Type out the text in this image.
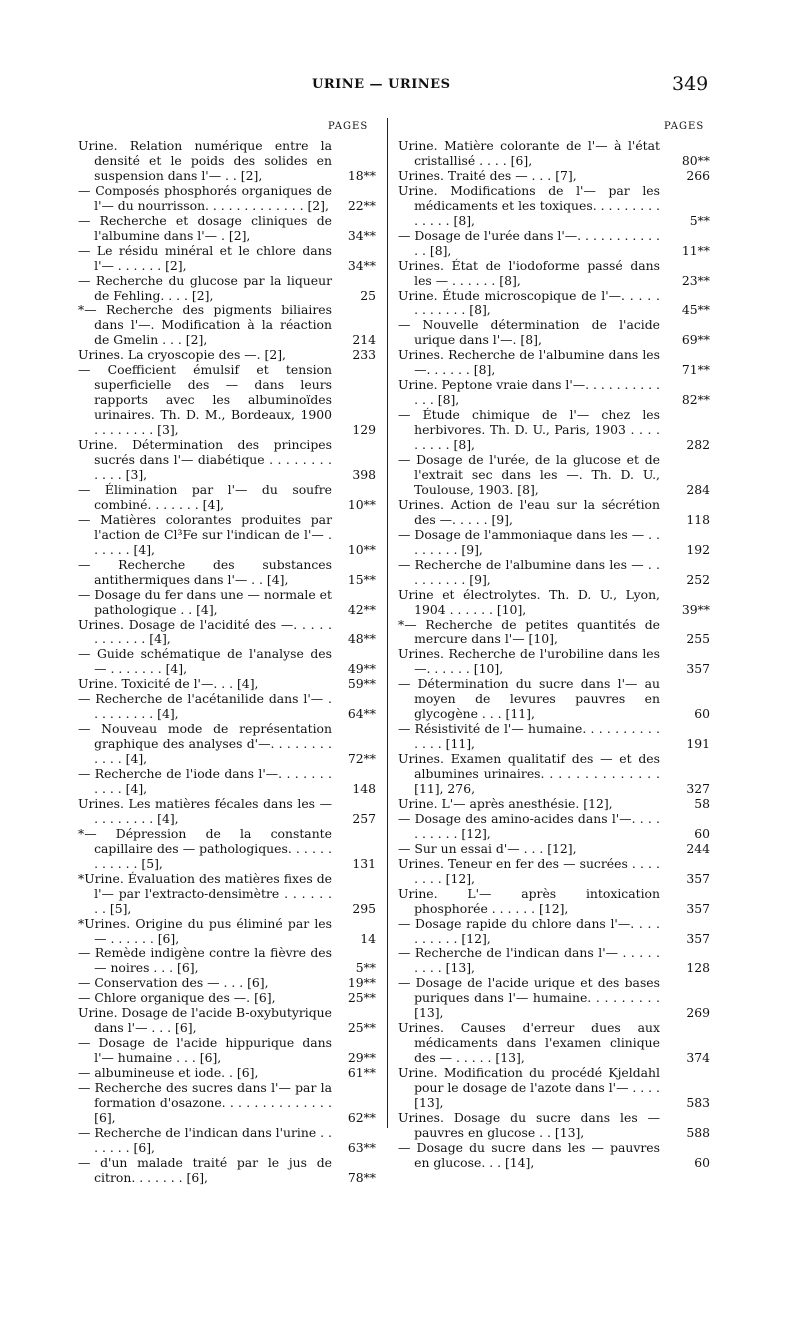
URINE — URINES	349
PAGES	PAGES
Urine. Relation numérique entre la densité et le poids des solides en suspension dans l'— . . [2],	18**
— Composés phosphorés organiques de l'— du nourrisson. . . . . . . . . . . . . [2],	22**
— Recherche et dosage cliniques de l'albumine dans l'— . [2],	34**
— Le résidu minéral et le chlore dans l'— . . . . . . [2],	34**
— Recherche du glucose par la liqueur de Fehling. . . . [2],	25
*— Recherche des pigments biliaires dans l'—. Modification à la réaction de Gmelin . . . [2],	214
Urines. La cryoscopie des —. [2],	233
— Coefficient émulsif et tension superficielle des — dans leurs rapports avec les albuminoïdes urinaires. Th. D. M., Bordeaux, 1900 . . . . . . . . [3],	129
Urine. Détermination des principes sucrés dans l'— diabétique . . . . . . . . . . . . [3],	398
— Élimination par l'— du soufre combiné. . . . . . . [4],	10**
— Matières colorantes produites par l'action de Cl³Fe sur l'indican de l'— . . . . . . [4],	10**
— Recherche des substances antithermiques dans l'— . . [4],	15**
— Dosage du fer dans une — normale et pathologique . . [4],	42**
Urines. Dosage de l'acidité des —. . . . . . . . . . . . [4],	48**
— Guide schématique de l'analyse des — . . . . . . . [4],	49**
Urine. Toxicité de l'—. . . [4],	59**
— Recherche de l'acétanilide dans l'— . . . . . . . . . [4],	64**
— Nouveau mode de représentation graphique des analyses d'—. . . . . . . . . . . . [4],	72**
— Recherche de l'iode dans l'—. . . . . . . . . . . [4],	148
Urines. Les matières fécales dans les — . . . . . . . . [4],	257
*— Dépression de la constante capillaire des — pathologiques. . . . . . . . . . . . [5],	131
*Urine. Évaluation des matières fixes de l'— par l'extracto-densimètre . . . . . . . . [5],	295
*Urines. Origine du pus éliminé par les — . . . . . . [6],	14
— Remède indigène contre la fièvre des — noires . . . [6],	5**
— Conservation des — . . . [6],	19**
— Chlore organique des —. [6],	25**
Urine. Dosage de l'acide B-oxybutyrique dans l'— . . . [6],	25**
— Dosage de l'acide hippurique dans l'— humaine . . . [6],	29**
— albumineuse et iode. . [6],	61**
— Recherche des sucres dans l'— par la formation d'osazone. . . . . . . . . . . . . . [6],	62**
— Recherche de l'indican dans l'urine . . . . . . . [6],	63**
— d'un malade traité par le jus de citron. . . . . . . [6],	78**
Urine. Matière colorante de l'— à l'état cristallisé . . . . [6],	80**
Urines. Traité des — . . . [7],	266
Urine. Modifications de l'— par les médicaments et les toxiques. . . . . . . . . . . . . . [8],	5**
— Dosage de l'urée dans l'—. . . . . . . . . . . . . [8],	11**
Urines. État de l'iodoforme passé dans les — . . . . . . [8],	23**
Urine. Étude microscopique de l'—. . . . . . . . . . . . [8],	45**
— Nouvelle détermination de l'acide urique dans l'—. [8],	69**
Urines. Recherche de l'albumine dans les —. . . . . . [8],	71**
Urine. Peptone vraie dans l'—. . . . . . . . . . . . . [8],	82**
— Étude chimique de l'— chez les herbivores. Th. D. U., Paris, 1903 . . . . . . . . . [8],	282
— Dosage de l'urée, de la glucose et de l'extrait sec dans les —. Th. D. U., Toulouse, 1903. [8],	284
Urines. Action de l'eau sur la sécrétion des —. . . . . [9],	118
— Dosage de l'ammoniaque dans les — . . . . . . . . [9],	192
— Recherche de l'albumine dans les — . . . . . . . . . [9],	252
Urine et électrolytes. Th. D. U., Lyon, 1904 . . . . . . [10],	39**
*— Recherche de petites quantités de mercure dans l'— [10],	255
Urines. Recherche de l'urobiline dans les —. . . . . . [10],	357
— Détermination du sucre dans l'— au moyen de levures pauvres en glycogène . . . [11],	60
— Résistivité de l'— humaine. . . . . . . . . . . . . . [11],	191
Urines. Examen qualitatif des — et des albumines urinaires. . . . . . . . . . . . . . [11], 276,	327
Urine. L'— après anesthésie. [12],	58
— Dosage des amino-acides dans l'—. . . . . . . . . . [12],	60
— Sur un essai d'— . . . [12],	244
Urines. Teneur en fer des — sucrées . . . . . . . . [12],	357
Urine. L'— après intoxication phosphorée . . . . . . [12],	357
— Dosage rapide du chlore dans l'—. . . . . . . . . . [12],	357
— Recherche de l'indican dans l'— . . . . . . . . . [13],	128
— Dosage de l'acide urique et des bases puriques dans l'— humaine. . . . . . . . . [13],	269
Urines. Causes d'erreur dues aux médicaments dans l'examen clinique des — . . . . . [13],	374
Urine. Modification du procédé Kjeldahl pour le dosage de l'azote dans l'— . . . . [13],	583
Urines. Dosage du sucre dans les — pauvres en glucose . . [13],	588
— Dosage du sucre dans les — pauvres en glucose. . . [14],	60
